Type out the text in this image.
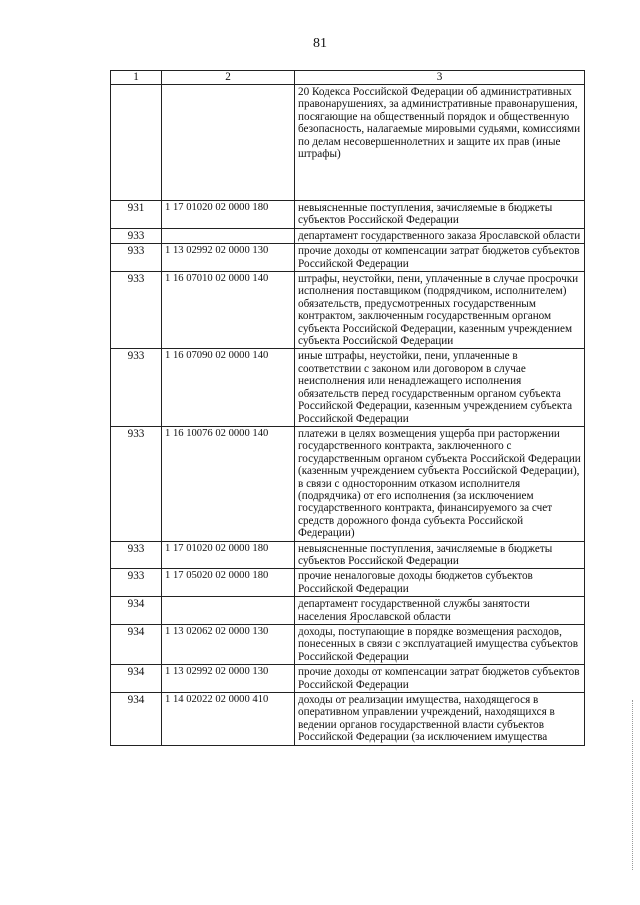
81
1	2	3
		20 Кодекса Российской Федерации об административных правонарушениях, за административные правонарушения, посягающие на общественный порядок и общественную безопасность, налагаемые мировыми судьями, комиссиями по делам несовершеннолетних и защите их прав (иные штрафы)
931	1 17 01020 02 0000 180	невыясненные поступления, зачисляемые в бюджеты субъектов Российской Федерации
933		департамент государственного заказа Ярославской области
933	1 13 02992 02 0000 130	прочие доходы от компенсации затрат бюджетов субъектов Российской Федерации
933	1 16 07010 02 0000 140	штрафы, неустойки, пени, уплаченные в случае просрочки исполнения поставщиком (подрядчиком, исполнителем) обязательств, предусмотренных государственным контрактом, заключенным государственным органом субъекта Российской Федерации, казенным учреждением субъекта Российской Федерации
933	1 16 07090 02 0000 140	иные штрафы, неустойки, пени, уплаченные в соответствии с законом или договором в случае неисполнения или ненадлежащего исполнения обязательств перед государственным органом субъекта Российской Федерации, казенным учреждением субъекта Российской Федерации
933	1 16 10076 02 0000 140	платежи в целях возмещения ущерба при расторжении государственного контракта, заключенного с государственным органом субъекта Российской Федерации (казенным учреждением субъекта Российской Федерации), в связи с односторонним отказом исполнителя (подрядчика) от его исполнения (за исключением государственного контракта, финансируемого за счет средств дорожного фонда субъекта Российской Федерации)
933	1 17 01020 02 0000 180	невыясненные поступления, зачисляемые в бюджеты субъектов Российской Федерации
933	1 17 05020 02 0000 180	прочие неналоговые доходы бюджетов субъектов Российской Федерации
934		департамент государственной службы занятости населения Ярославской области
934	1 13 02062 02 0000 130	доходы, поступающие в порядке возмещения расходов, понесенных в связи с эксплуатацией имущества субъектов Российской Федерации
934	1 13 02992 02 0000 130	прочие доходы от компенсации затрат бюджетов субъектов Российской Федерации
934	1 14 02022 02 0000 410	доходы от реализации имущества, находящегося в оперативном управлении учреждений, находящихся в ведении органов государственной власти субъектов Российской Федерации (за исключением имущества
